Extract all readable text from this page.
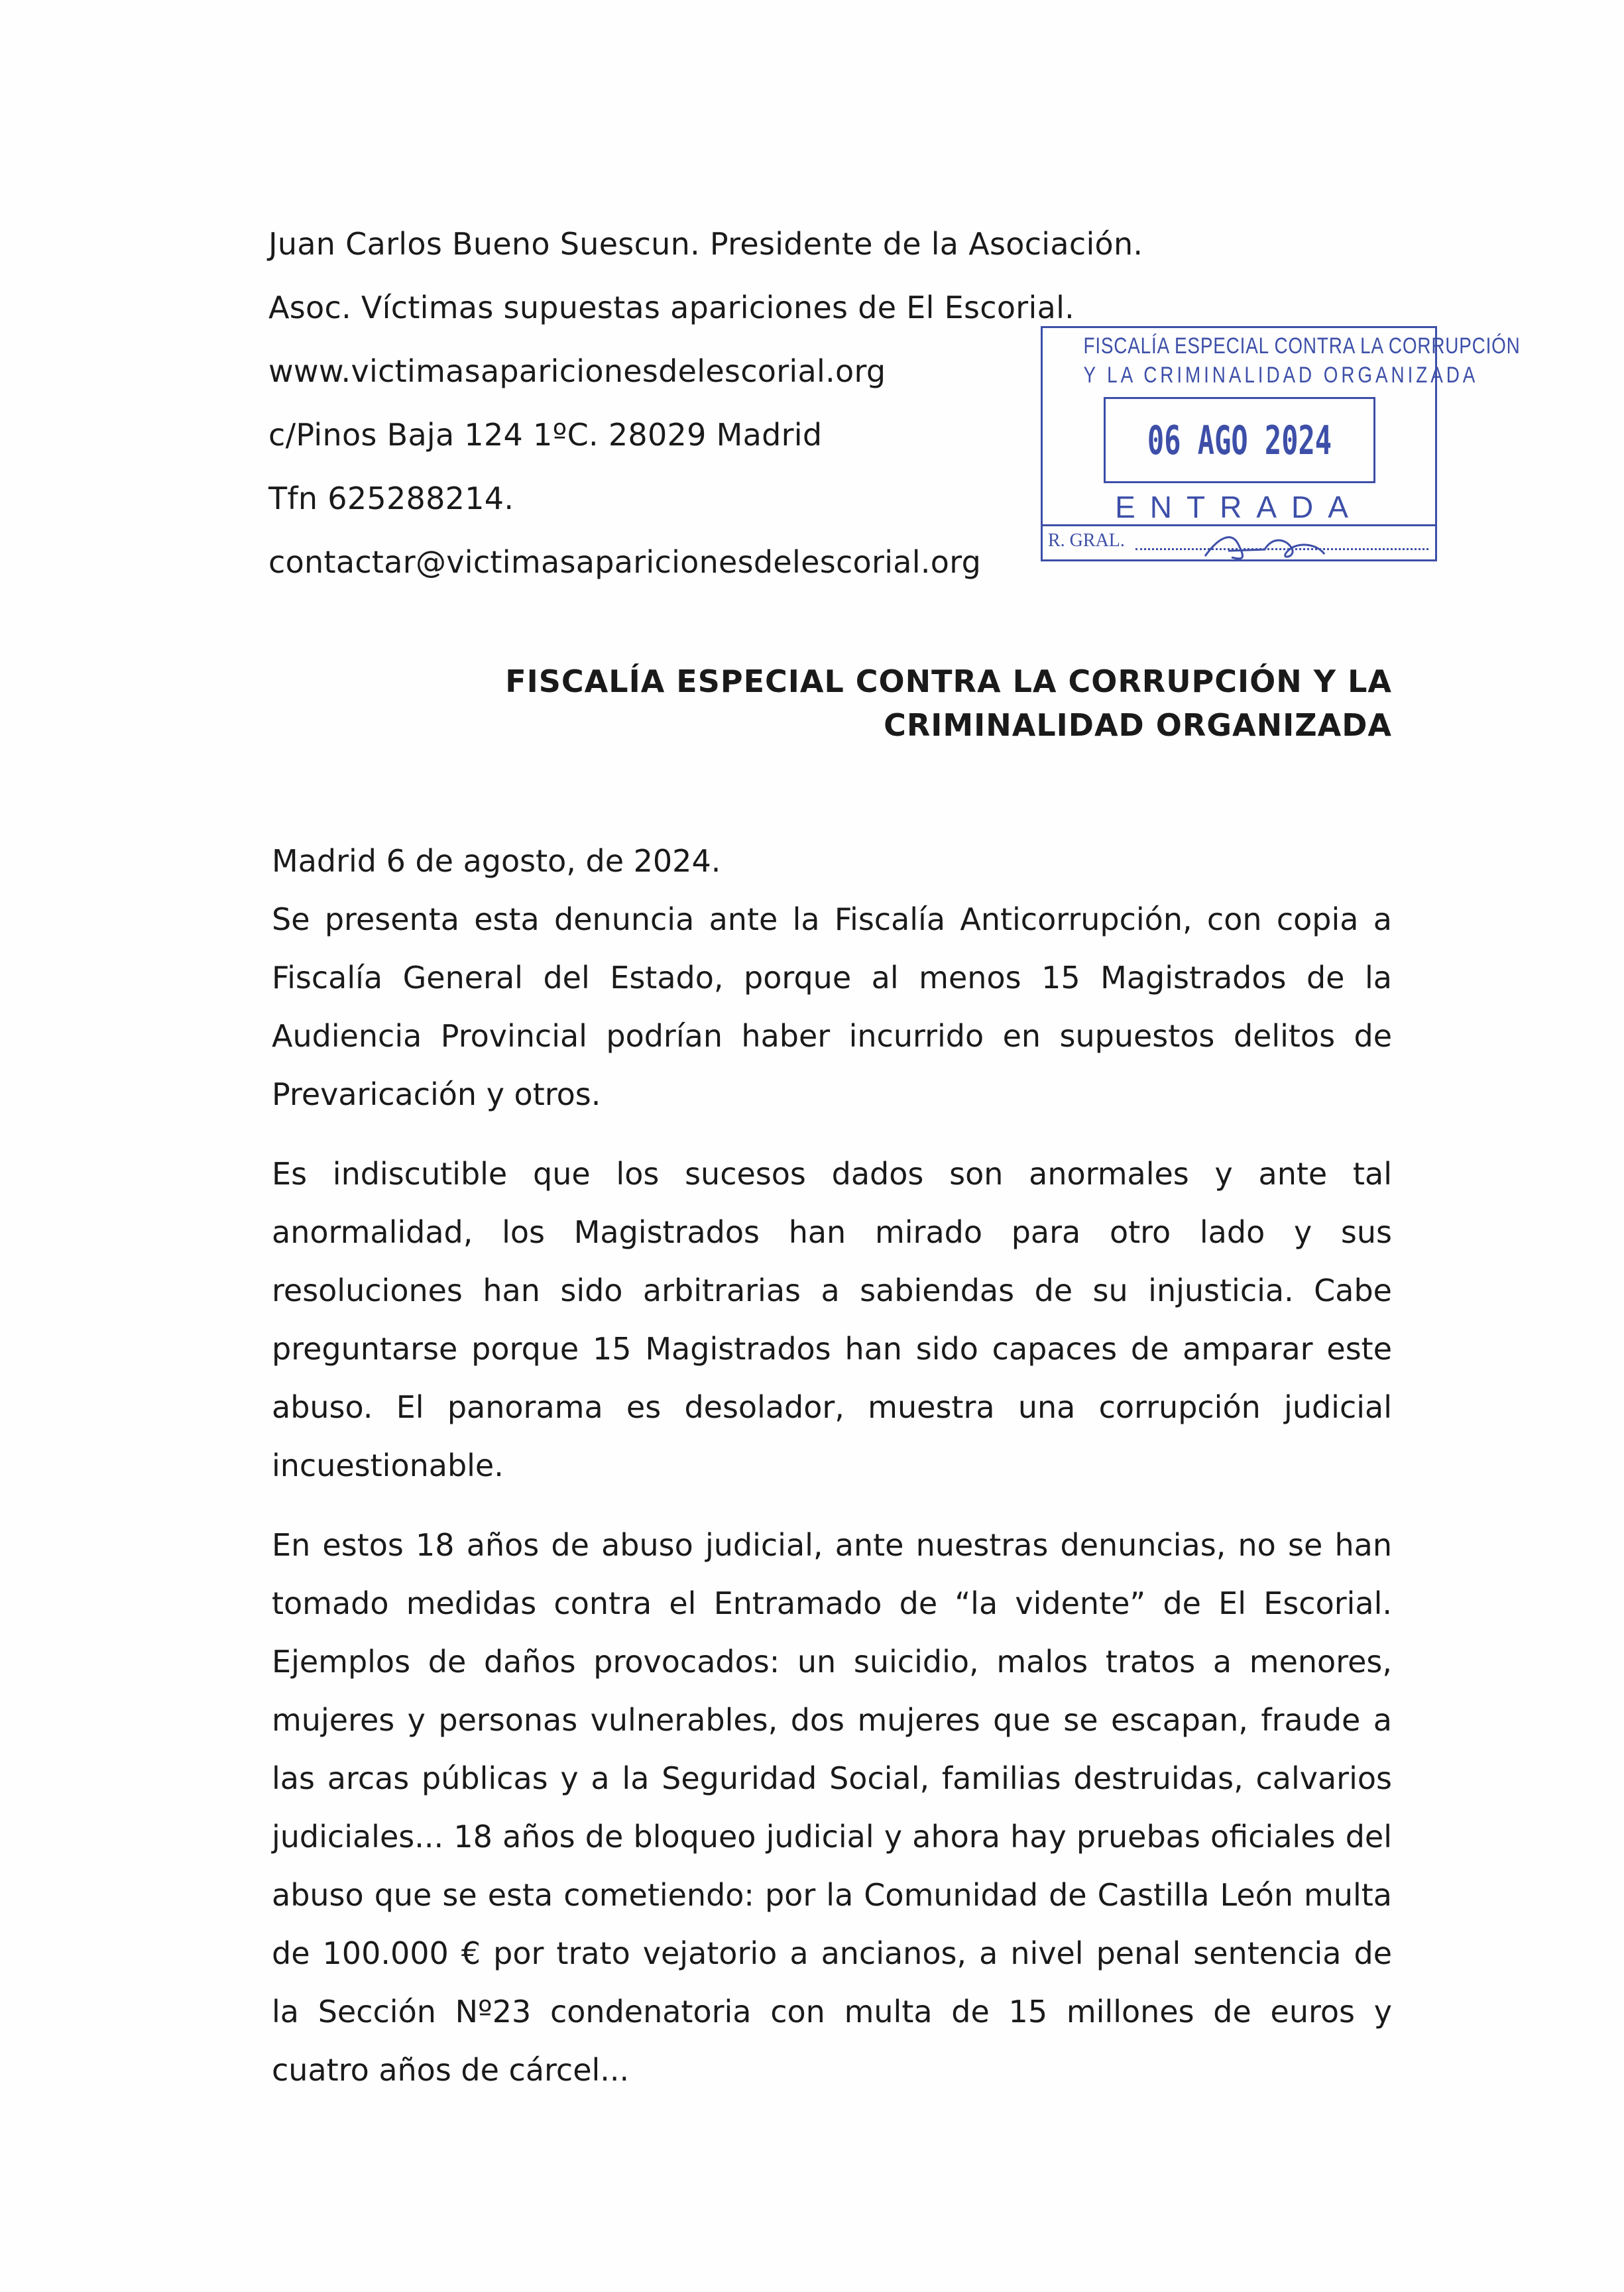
Juan Carlos Bueno Suescun. Presidente de la Asociación.
Asoc. Víctimas supuestas apariciones de El Escorial.
www.victimasaparicionesdelescorial.org
c/Pinos Baja 124 1ºC. 28029 Madrid
Tfn 625288214.
contactar@victimasaparicionesdelescorial.org
FISCALÍA ESPECIAL CONTRA LA CORRUPCIÓN
Y LA CRIMINALIDAD ORGANIZADA
06 AGO 2024
ENTRADA
R. GRAL.
FISCALÍA ESPECIAL CONTRA LA CORRUPCIÓN Y LA
CRIMINALIDAD ORGANIZADA

Madrid 6 de agosto, de 2024.

Se presenta esta denuncia ante la Fiscalía Anticorrupción, con copia a Fiscalía General del Estado, porque al menos 15 Magistrados de la Audiencia Provincial podrían haber incurrido en supuestos delitos de Prevaricación y otros.

Es indiscutible que los sucesos dados son anormales y ante tal anormalidad, los Magistrados han mirado para otro lado y sus resoluciones han sido arbitrarias a sabiendas de su injusticia. Cabe preguntarse porque 15 Magistrados han sido capaces de amparar este abuso. El panorama es desolador, muestra una corrupción judicial incuestionable.

En estos 18 años de abuso judicial, ante nuestras denuncias, no se han tomado medidas contra el Entramado de “la vidente” de El Escorial. Ejemplos de daños provocados: un suicidio, malos tratos a menores, mujeres y personas vulnerables, dos mujeres que se escapan, fraude a las arcas públicas y a la Seguridad Social, familias destruidas, calvarios judiciales... 18 años de bloqueo judicial y ahora hay pruebas oficiales del abuso que se esta cometiendo: por la Comunidad de Castilla León multa de 100.000 € por trato vejatorio a ancianos, a nivel penal sentencia de la Sección Nº23 condenatoria con multa de 15 millones de euros y cuatro años de cárcel...
